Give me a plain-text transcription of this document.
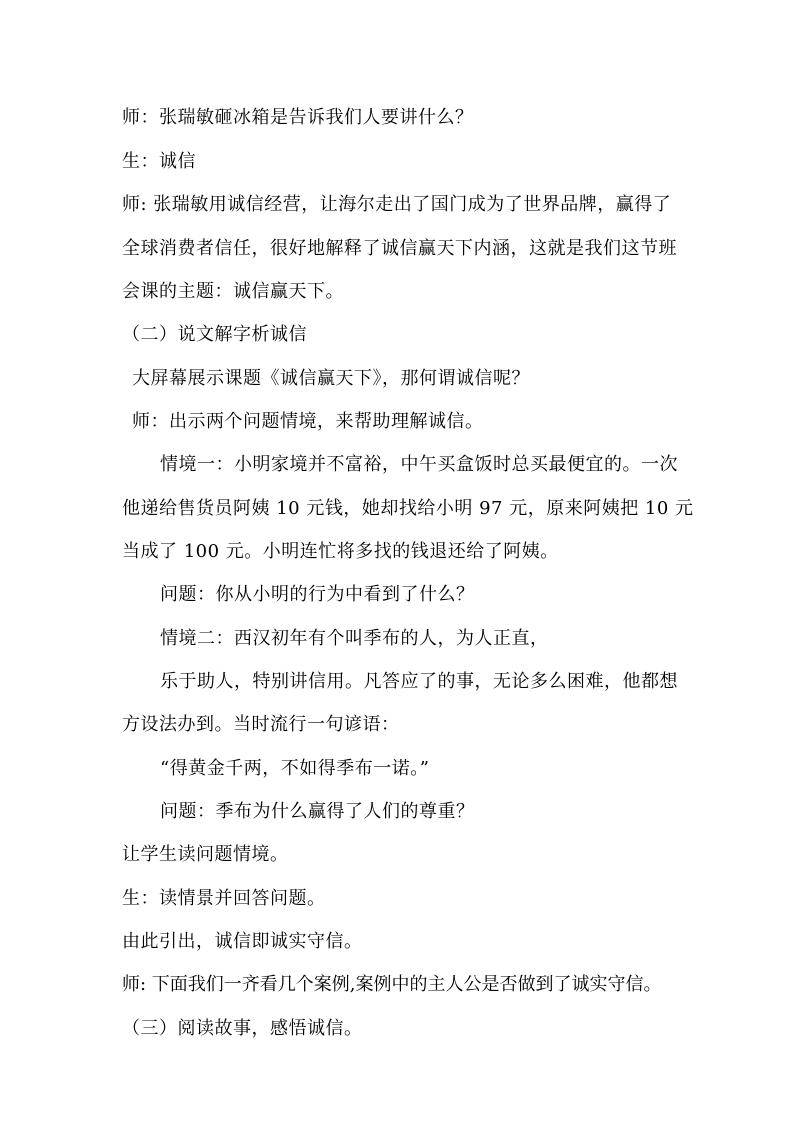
师：张瑞敏砸冰箱是告诉我们人要讲什么？
生：诚信
师: 张瑞敏用诚信经营，让海尔走出了国门成为了世界品牌，赢得了
全球消费者信任，很好地解释了诚信赢天下内涵，这就是我们这节班
会课的主题：诚信赢天下。
（二）说文解字析诚信
大屏幕展示课题《诚信赢天下》，那何谓诚信呢？
师：出示两个问题情境，来帮助理解诚信。
情境一：小明家境并不富裕，中午买盒饭时总买最便宜的。一次
他递给售货员阿姨 10 元钱，她却找给小明 97 元，原来阿姨把 10 元
当成了 100 元。小明连忙将多找的钱退还给了阿姨。
问题：你从小明的行为中看到了什么？
情境二：西汉初年有个叫季布的人，为人正直，
乐于助人，特别讲信用。凡答应了的事，无论多么困难，他都想
方设法办到。当时流行一句谚语：
“得黄金千两，不如得季布一诺。”
问题：季布为什么赢得了人们的尊重？
让学生读问题情境。
生：读情景并回答问题。
由此引出，诚信即诚实守信。
师: 下面我们一齐看几个案例,案例中的主人公是否做到了诚实守信。
（三）阅读故事，感悟诚信。
